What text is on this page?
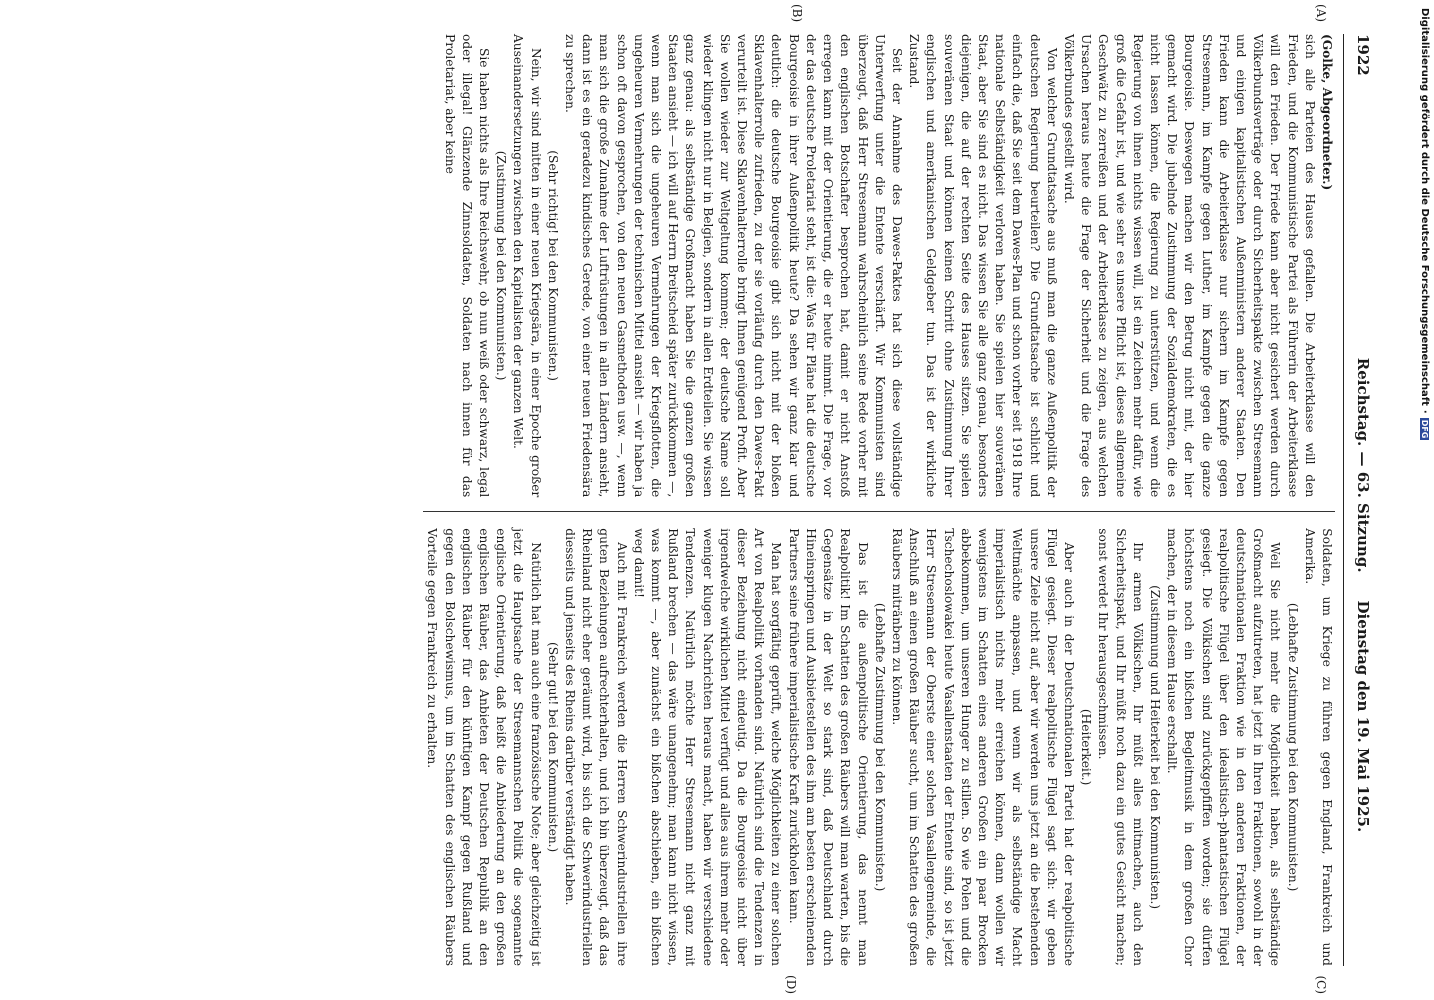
1922
Reichstag. — 63. Sitzung.
Dienstag den 19. Mai 1925.
(A)
(B)

(Golke, Abgeordneter.)

sich alle Parteien des Hauses gefallen. Die Arbeiterklasse will den Frieden, und die Kommunistische Partei als Führerin der Arbeiterklasse will den Frieden. Der Friede kann aber nicht gesichert werden durch Völkerbundsverträge oder durch Sicherheitspakte zwischen Stresemann und einigen kapitalistischen Außenministern anderer Staaten. Den Frieden kann die Arbeiterklasse nur sichern im Kampfe gegen Stresemann, im Kampfe gegen Luther, im Kampfe gegen die ganze Bourgeoisie. Deswegen machen wir den Betrug nicht mit, der hier gemacht wird. Die jubelnde Zustimmung der Sozialdemokraten, die es nicht lassen können, die Regierung zu unterstützen, und wenn die Regierung von ihnen nichts wissen will, ist ein Zeichen mehr dafür, wie groß die Gefahr ist, und wie sehr es unsere Pflicht ist, dieses allgemeine Geschwätz zu zerreißen und der Arbeiterklasse zu zeigen, aus welchen Ursachen heraus heute die Frage der Sicherheit und die Frage des Völkerbundes gestellt wird.

Von welcher Grundtatsache aus muß man die ganze Außenpolitik der deutschen Regierung beurteilen? Die Grundtatsache ist schlicht und einfach die, daß Sie seit dem Dawes-Plan und schon vorher seit 1918 Ihre nationale Selbständigkeit verloren haben. Sie spielen hier souveränen Staat, aber Sie sind es nicht. Das wissen Sie alle ganz genau, besonders diejenigen, die auf der rechten Seite des Hauses sitzen. Sie spielen souveränen Staat und können keinen Schritt ohne Zustimmung Ihrer englischen und amerikanischen Geldgeber tun. Das ist der wirkliche Zustand.

Seit der Annahme des Dawes-Paktes hat sich diese vollständige Unterwerfung unter die Entente verschärft. Wir Kommunisten sind überzeugt, daß Herr Stresemann wahrscheinlich seine Rede vorher mit den englischen Botschafter besprochen hat, damit er nicht Anstoß erregen kann mit der Orientierung, die er heute nimmt. Die Frage, vor der das deutsche Proletariat steht, ist die: Was für Pläne hat die deutsche Bourgeoisie in ihrer Außenpolitik heute? Da sehen wir ganz klar und deutlich: die deutsche Bourgeoisie gibt sich nicht mit der bloßen Sklavenhalterrolle zufrieden, zu der sie vorläufig durch den Dawes-Pakt verurteilt ist. Diese Sklavenhalterrolle bringt Ihnen genügend Profit. Aber Sie wollen wieder zur Weltgeltung kommen; der deutsche Name soll wieder klingen nicht nur in Belgien, sondern in allen Erdteilen. Sie wissen ganz genau: als selbständige Großmacht haben Sie die ganzen großen Staaten ansieht — ich will auf Herrn Breitscheid später zurückkommen —, wenn man sich die ungeheuren Vermehrungen der Kriegsflotten, die ungeheuren Vermehrungen der technischen Mittel ansieht — wir haben ja schon oft davon gesprochen, von den neuen Gasmethoden usw. —, wenn man sich die große Zunahme der Luftrüstungen in allen Ländern ansieht, dann ist es ein geradezu kindisches Gerede, von einer neuen Friedensära zu sprechen.

(Sehr richtig! bei den Kommunisten.)

Nein, wir sind mitten in einer neuen Kriegsära, in einer Epoche großer Auseinandersetzungen zwischen den Kapitalisten der ganzen Welt.

(Zustimmung bei den Kommunisten.)

Sie haben nichts als Ihre Reichswehr, ob nun weiß oder schwarz, legal oder illegal! Glänzende Zinnsoldaten, Soldaten nach innen für das Proletariat, aber keine

(C)
(D)

Soldaten, um Kriege zu führen gegen England, Frankreich und Amerika.

(Lebhafte Zustimmung bei den Kommunisten.)

Weil Sie nicht mehr die Möglichkeit haben, als selbständige Großmacht aufzutreten, hat jetzt in Ihren Fraktionen, sowohl in der deutschnationalen Fraktion wie in den anderen Fraktionen, der realpolitische Flügel über den idealistisch-phantastischen Flügel gesiegt. Die Völkischen sind zurückgepfiffen worden; sie dürfen höchstens noch ein bißchen Begleitmusik in dem großen Chor machen, der in diesem Hause erschallt.

(Zustimmung und Heiterkeit bei den Kommunisten.)

Ihr armen Völkischen, Ihr müßt alles mitmachen, auch den Sicherheitspakt, und Ihr müßt noch dazu ein gutes Gesicht machen; sonst werdet Ihr herausgeschmissen.

(Heiterkeit.)

Aber auch in der Deutschnationalen Partei hat der realpolitische Flügel gesiegt. Dieser realpolitische Flügel sagt sich: wir geben unsere Ziele nicht auf, aber wir werden uns jetzt an die bestehenden Weltmächte anpassen, und wenn wir als selbständige Macht imperialistisch nichts mehr erreichen können, dann wollen wir wenigstens im Schatten eines anderen Großen ein paar Brocken abbekommen, um unseren Hunger zu stillen. So wie Polen und die Tschechoslowakei heute Vasallenstaaten der Entente sind, so ist jetzt Herr Stresemann der Oberste einer solchen Vasallengemeinde, die Anschluß an einen großen Räuber sucht, um im Schatten des großen Räubers mitränbern zu können.

(Lebhafte Zustimmung bei den Kommunisten.)

Das ist die außenpolitische Orientierung, das nennt man Realpolitik! Im Schatten des großen Räubers will man warten, bis die Gegensätze in der Welt so stark sind, daß Deutschland durch Hineinspringen und Ausbietestellen des ihm am besten erscheinenden Partners seine frühere imperialistische Kraft zurückholen kann.

Man hat sorgfältig geprüft, welche Möglichkeiten zu einer solchen Art von Realpolitik vorhanden sind. Natürlich sind die Tendenzen in dieser Beziehung nicht eindeutig. Da die Bourgeoisie nicht über irgendwelche wirklichen Mittel verfügt und alles aus ihrem mehr oder weniger klugen Nachrichten heraus macht, haben wir verschiedene Tendenzen. Natürlich möchte Herr Stresemann nicht ganz mit Rußland brechen — das wäre unangenehm; man kann nicht wissen, was kommt —, aber zunächst ein bißchen abschieben, ein bißchen weg damit!

Auch mit Frankreich werden die Herren Schwerindustriellen ihre guten Beziehungen aufrechterhalten, und ich bin überzeugt, daß das Rheinland nicht eher geräumt wird, bis sich die Schwerindustriellen diesseits und jenseits des Rheins darüber verständigt haben.

(Sehr gut! bei den Kommunisten.)

Natürlich hat man auch eine französische Note; aber gleichzeitig ist jetzt die Hauptsache der Stresemannschen Politik die sogenannte englische Orientierung, daß heißt die Anbiederung an den großen englischen Räuber, das Anbieten der Deutschen Republik an den englischen Räuber für den künftigen Kampf gegen Rußland und gegen den Bolschewismus, um im Schatten des englischen Räubers Vorteile gegen Frankreich zu erhalten.

Digitalisierung gefördert durch die Deutsche Forschungsgemeinschaft
·
DFG
